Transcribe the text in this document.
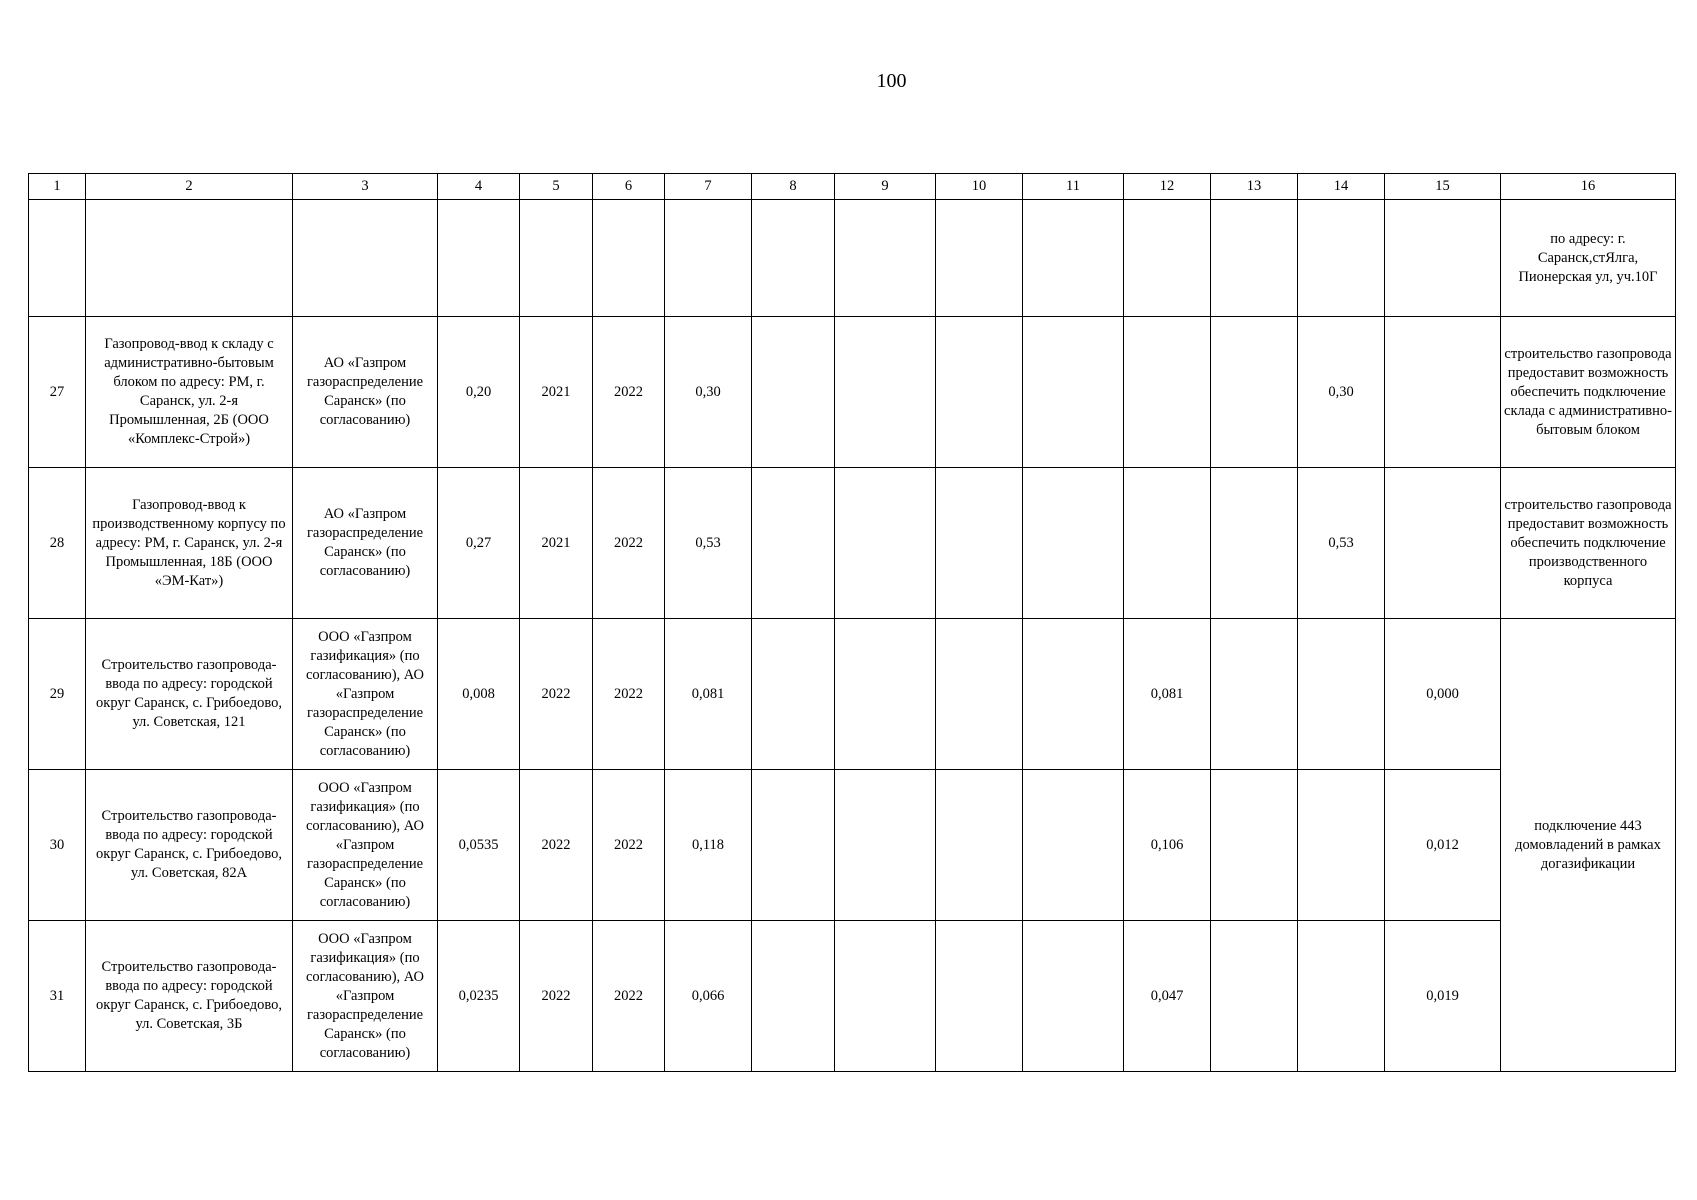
100
1	2	3	4	5	6	7	8	9	10	11	12	13	14	15	16
															по адресу: г. Саранск,стЯлга, Пионерская ул, уч.10Г
27	Газопровод-ввод к складу с административно-бытовым блоком по адресу: РМ, г. Саранск, ул. 2-я Промышленная, 2Б (ООО «Комплекс-Строй»)	АО «Газпром газораспределение Саранск» (по согласованию)	0,20	2021	2022	0,30							0,30		строительство газопровода предоставит возможность обеспечить подключение склада с административно-бытовым блоком
28	Газопровод-ввод к производственному корпусу по адресу: РМ, г. Саранск, ул. 2-я Промышленная, 18Б (ООО «ЭМ-Кат»)	АО «Газпром газораспределение Саранск» (по согласованию)	0,27	2021	2022	0,53							0,53		строительство газопровода предоставит возможность обеспечить подключение производственного корпуса
29	Строительство газопровода-ввода по адресу: городской округ Саранск, с. Грибоедово, ул. Советская, 121	ООО «Газпром газификация» (по согласованию), АО «Газпром газораспределение Саранск» (по согласованию)	0,008	2022	2022	0,081					0,081			0,000	подключение 443 домовладений в рамках догазификации
30	Строительство газопровода-ввода по адресу: городской округ Саранск, с. Грибоедово, ул. Советская, 82А	ООО «Газпром газификация» (по согласованию), АО «Газпром газораспределение Саранск» (по согласованию)	0,0535	2022	2022	0,118					0,106			0,012	
31	Строительство газопровода-ввода по адресу: городской округ Саранск, с. Грибоедово, ул. Советская, 3Б	ООО «Газпром газификация» (по согласованию), АО «Газпром газораспределение Саранск» (по согласованию)	0,0235	2022	2022	0,066					0,047			0,019	
